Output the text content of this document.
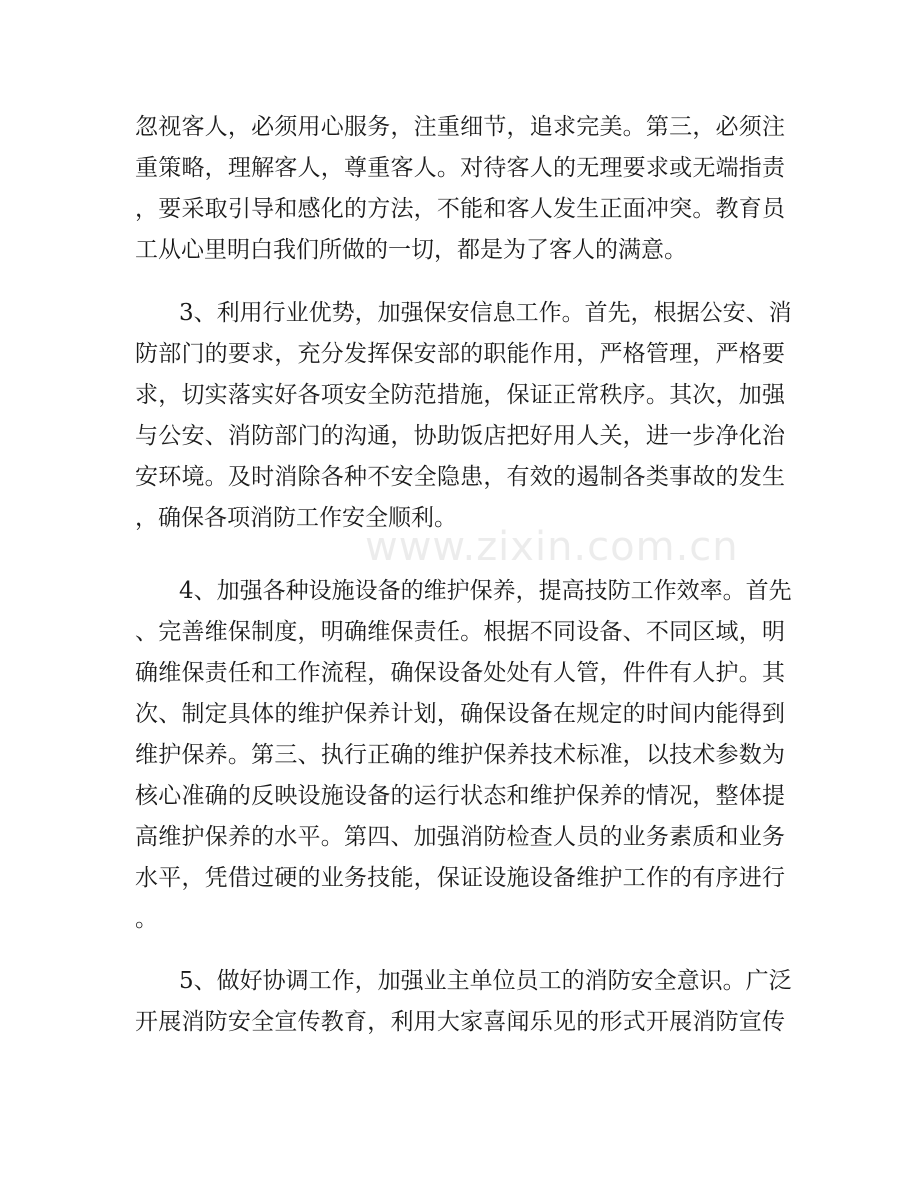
www.zixin.com.cn
忽视客人，必须用心服务，注重细节，追求完美。第三，必须注
重策略，理解客人，尊重客人。对待客人的无理要求或无端指责
，要采取引导和感化的方法，不能和客人发生正面冲突。教育员
工从心里明白我们所做的一切，都是为了客人的满意。
3、利用行业优势，加强保安信息工作。首先，根据公安、消
防部门的要求，充分发挥保安部的职能作用，严格管理，严格要
求，切实落实好各项安全防范措施，保证正常秩序。其次，加强
与公安、消防部门的沟通，协助饭店把好用人关，进一步净化治
安环境。及时消除各种不安全隐患，有效的遏制各类事故的发生
，确保各项消防工作安全顺利。
4、加强各种设施设备的维护保养，提高技防工作效率。首先
、完善维保制度，明确维保责任。根据不同设备、不同区域，明
确维保责任和工作流程，确保设备处处有人管，件件有人护。其
次、制定具体的维护保养计划，确保设备在规定的时间内能得到
维护保养。第三、执行正确的维护保养技术标准，以技术参数为
核心准确的反映设施设备的运行状态和维护保养的情况，整体提
高维护保养的水平。第四、加强消防检查人员的业务素质和业务
水平，凭借过硬的业务技能，保证设施设备维护工作的有序进行
。
5、做好协调工作，加强业主单位员工的消防安全意识。广泛
开展消防安全宣传教育，利用大家喜闻乐见的形式开展消防宣传
